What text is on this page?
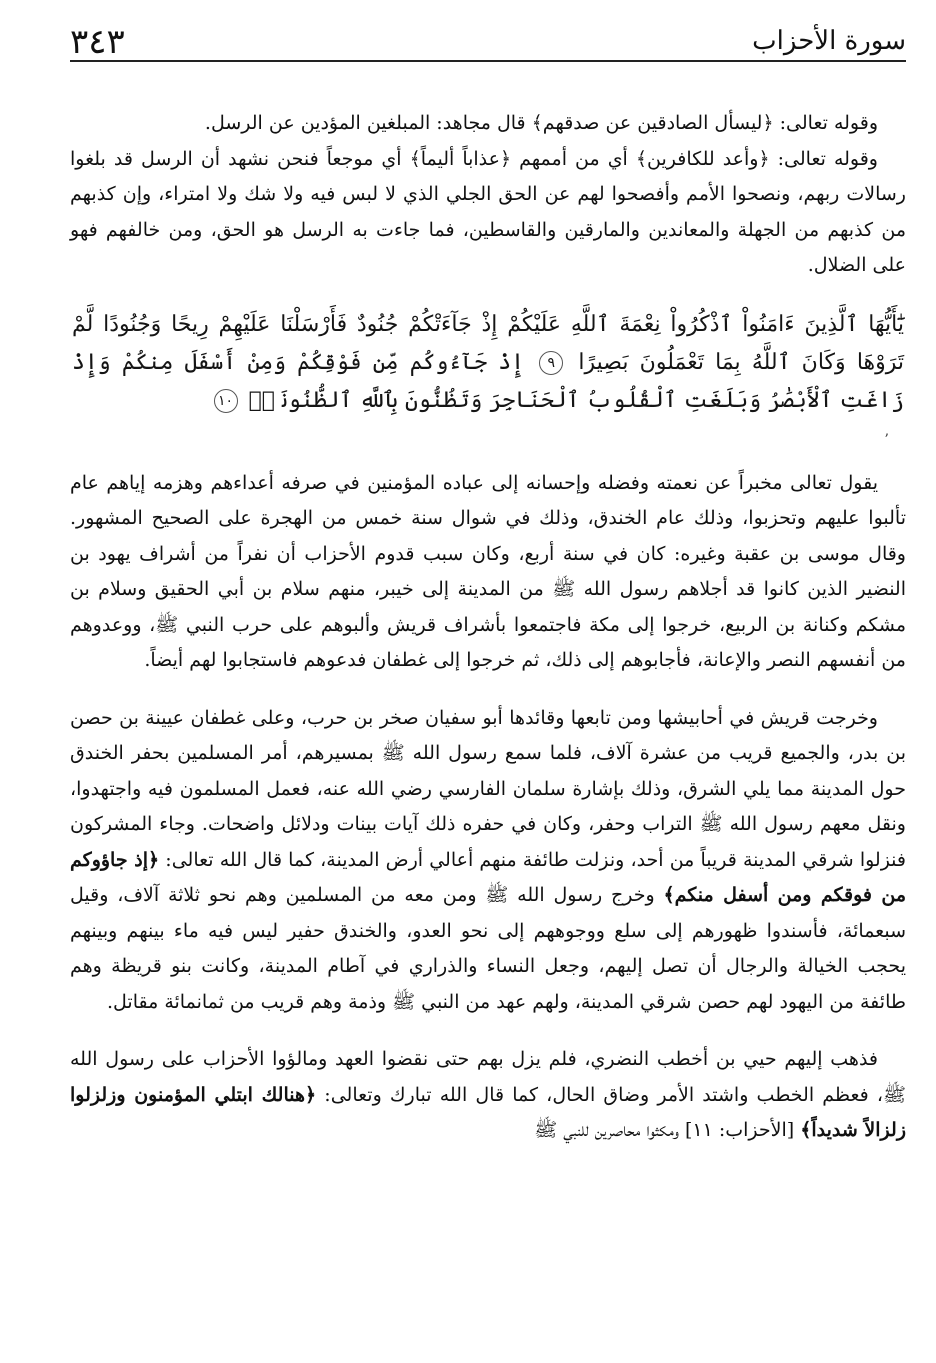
سورة الأحزاب
٣٤٣

وقوله تعالى: ﴿ليسأل الصادقين عن صدقهم﴾ قال مجاهد: المبلغين المؤدين عن الرسل.

وقوله تعالى: ﴿وأعد للكافرين﴾ أي من أممهم ﴿عذاباً أليماً﴾ أي موجعاً فنحن نشهد أن الرسل قد بلغوا رسالات ربهم، ونصحوا الأمم وأفصحوا لهم عن الحق الجلي الذي لا لبس فيه ولا شك ولا امتراء، وإن كذبهم من كذبهم من الجهلة والمعاندين والمارقين والقاسطين، فما جاءت به الرسل هو الحق، ومن خالفهم فهو على الضلال.

يَٰٓأَيُّهَا ٱلَّذِينَ ءَامَنُواْ ٱذْكُرُواْ نِعْمَةَ ٱللَّهِ عَلَيْكُمْ إِذْ جَآءَتْكُمْ جُنُودٌ فَأَرْسَلْنَا عَلَيْهِمْ رِيحًا وَجُنُودًا لَّمْ تَرَوْهَا وَكَانَ ٱللَّهُ بِمَا تَعْمَلُونَ بَصِيرًا ٩ إِذْ جَآءُوكُم مِّن فَوْقِكُمْ وَمِنْ أَسْفَلَ مِنكُمْ وَإِذْ زَاغَتِ ٱلْأَبْصَٰرُ وَبَلَغَتِ ٱلْقُلُوبُ ٱلْحَنَاجِرَ وَتَظُنُّونَ بِٱللَّهِ ٱلظُّنُونَا۠ ١٠

يقول تعالى مخبراً عن نعمته وفضله وإحسانه إلى عباده المؤمنين في صرفه أعداءهم وهزمه إياهم عام تألبوا عليهم وتحزبوا، وذلك عام الخندق، وذلك في شوال سنة خمس من الهجرة على الصحيح المشهور. وقال موسى بن عقبة وغيره: كان في سنة أربع، وكان سبب قدوم الأحزاب أن نفراً من أشراف يهود بن النضير الذين كانوا قد أجلاهم رسول الله ﷺ من المدينة إلى خيبر، منهم سلام بن أبي الحقيق وسلام بن مشكم وكنانة بن الربيع، خرجوا إلى مكة فاجتمعوا بأشراف قريش وألبوهم على حرب النبي ﷺ، ووعدوهم من أنفسهم النصر والإعانة، فأجابوهم إلى ذلك، ثم خرجوا إلى غطفان فدعوهم فاستجابوا لهم أيضاً.

وخرجت قريش في أحابيشها ومن تابعها وقائدها أبو سفيان صخر بن حرب، وعلى غطفان عيينة بن حصن بن بدر، والجميع قريب من عشرة آلاف، فلما سمع رسول الله ﷺ بمسيرهم، أمر المسلمين بحفر الخندق حول المدينة مما يلي الشرق، وذلك بإشارة سلمان الفارسي رضي الله عنه، فعمل المسلمون فيه واجتهدوا، ونقل معهم رسول الله ﷺ التراب وحفر، وكان في حفره ذلك آيات بينات ودلائل واضحات. وجاء المشركون فنزلوا شرقي المدينة قريباً من أحد، ونزلت طائفة منهم أعالي أرض المدينة، كما قال الله تعالى: ﴿إذ جاؤوكم من فوقكم ومن أسفل منكم﴾ وخرج رسول الله ﷺ ومن معه من المسلمين وهم نحو ثلاثة آلاف، وقيل سبعمائة، فأسندوا ظهورهم إلى سلع ووجوههم إلى نحو العدو، والخندق حفير ليس فيه ماء بينهم وبينهم يحجب الخيالة والرجال أن تصل إليهم، وجعل النساء والذراري في آطام المدينة، وكانت بنو قريظة وهم طائفة من اليهود لهم حصن شرقي المدينة، ولهم عهد من النبي ﷺ وذمة وهم قريب من ثمانمائة مقاتل.

فذهب إليهم حيي بن أخطب النضري، فلم يزل بهم حتى نقضوا العهد ومالؤوا الأحزاب على رسول الله ﷺ، فعظم الخطب واشتد الأمر وضاق الحال، كما قال الله تبارك وتعالى: ﴿هنالك ابتلي المؤمنون وزلزلوا زلزالاً شديداً﴾ [الأحزاب: ١١] ومكثوا محاصرين للنبي ﷺ

ʼ
